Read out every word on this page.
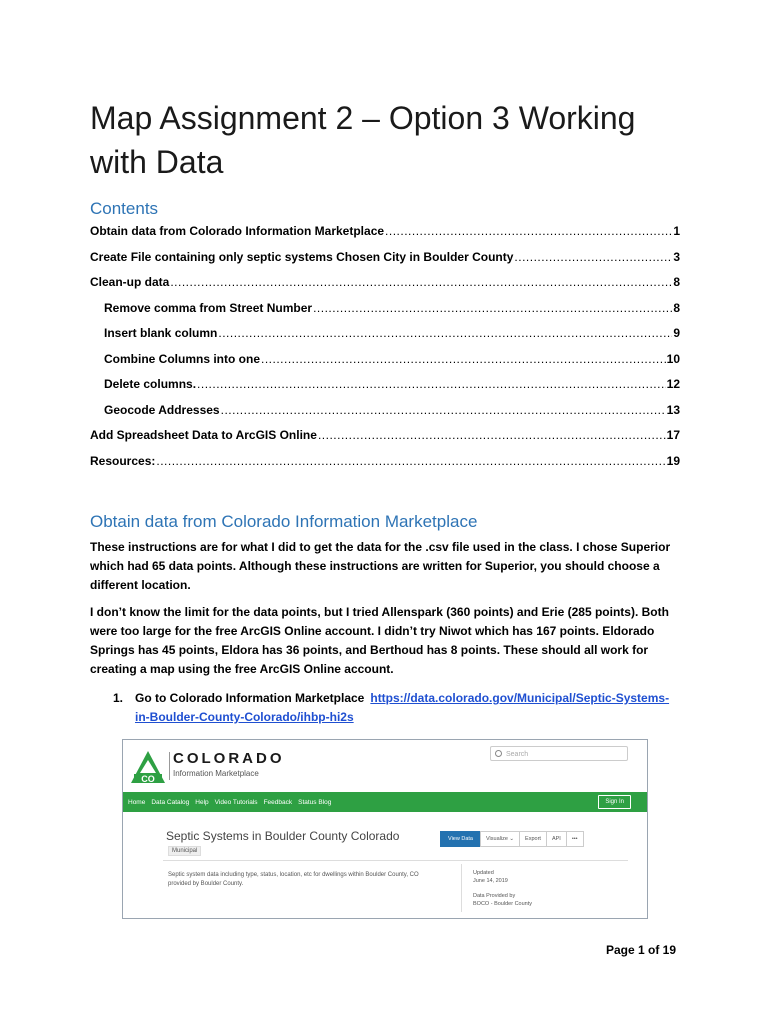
Map Assignment 2 – Option 3 Working with Data
Contents
Obtain data from Colorado Information Marketplace .....	1
Create File containing only septic systems Chosen City in Boulder County .....	3
Clean-up data .....	8
Remove comma from Street Number .....	8
Insert blank column .....	9
Combine Columns into one .....	10
Delete columns. .....	12
Geocode Addresses .....	13
Add Spreadsheet Data to ArcGIS Online .....	17
Resources: .....	19
Obtain data from Colorado Information Marketplace

These instructions are for what I did to get the data for the .csv file used in the class. I chose Superior which had 65 data points. Although these instructions are written for Superior, you should choose a different location.

I don’t know the limit for the data points, but I tried Allenspark (360 points) and Erie (285 points). Both were too large for the free ArcGIS Online account. I didn’t try Niwot which has 167 points. Eldorado Springs has 45 points, Eldora has 36 points, and Berthoud has 8 points. These should all work for creating a map using the free ArcGIS Online account.

1. Go to Colorado Information Marketplace https://data.colorado.gov/Municipal/Septic-Systems-in-Boulder-County-Colorado/ihbp-hi2s
CO
COLORADO
Information Marketplace
Search
Home Data Catalog Help Video Tutorials Feedback Status Blog	Sign In
Septic Systems in Boulder County Colorado
Municipal
View Data	Visualize ⌄	Export	API	•••
Septic system data including type, status, location, etc for dwellings within Boulder County, CO provided by Boulder County.
Updated
June 14, 2019
Data Provided by
BOCO - Boulder County
Page 1 of 19
